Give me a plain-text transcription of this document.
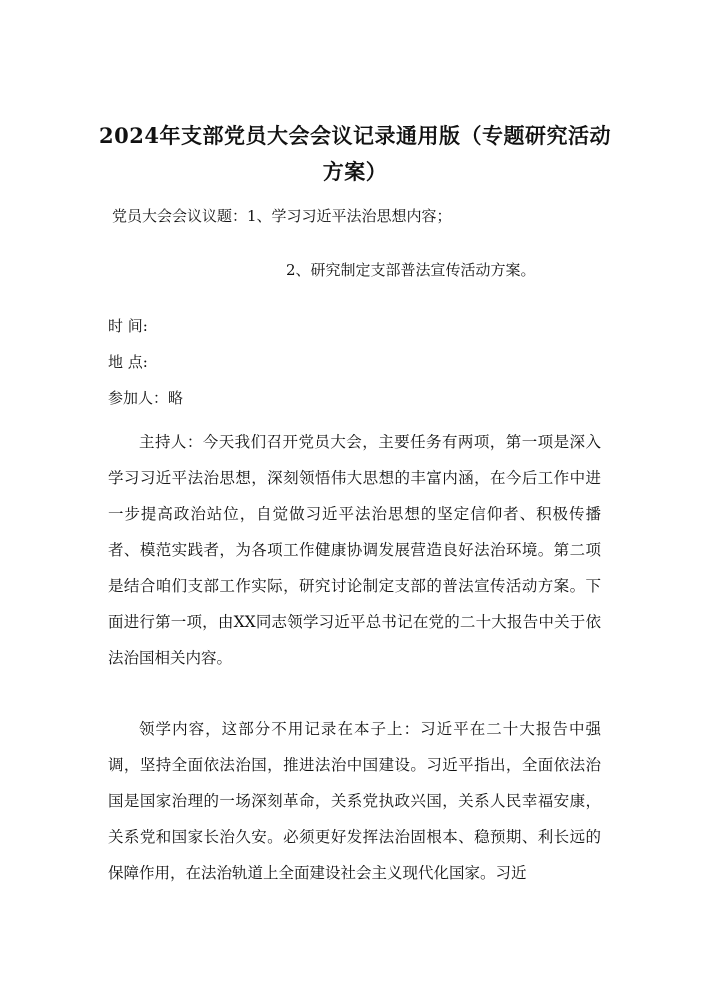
2024年支部党员大会会议记录通用版（专题研究活动方案）

党员大会会议议题：1、学习习近平法治思想内容；

2、研究制定支部普法宣传活动方案。

时 间:

地 点:

参加人：略

主持人：今天我们召开党员大会，主要任务有两项，第一项是深入学习习近平法治思想，深刻领悟伟大思想的丰富内涵，在今后工作中进一步提高政治站位，自觉做习近平法治思想的坚定信仰者、积极传播者、模范实践者，为各项工作健康协调发展营造良好法治环境。第二项是结合咱们支部工作实际，研究讨论制定支部的普法宣传活动方案。下面进行第一项，由XX同志领学习近平总书记在党的二十大报告中关于依法治国相关内容。

领学内容，这部分不用记录在本子上：习近平在二十大报告中强调，坚持全面依法治国，推进法治中国建设。习近平指出，全面依法治国是国家治理的一场深刻革命，关系党执政兴国，关系人民幸福安康，关系党和国家长治久安。必须更好发挥法治固根本、稳预期、利长远的保障作用，在法治轨道上全面建设社会主义现代化国家。习近
